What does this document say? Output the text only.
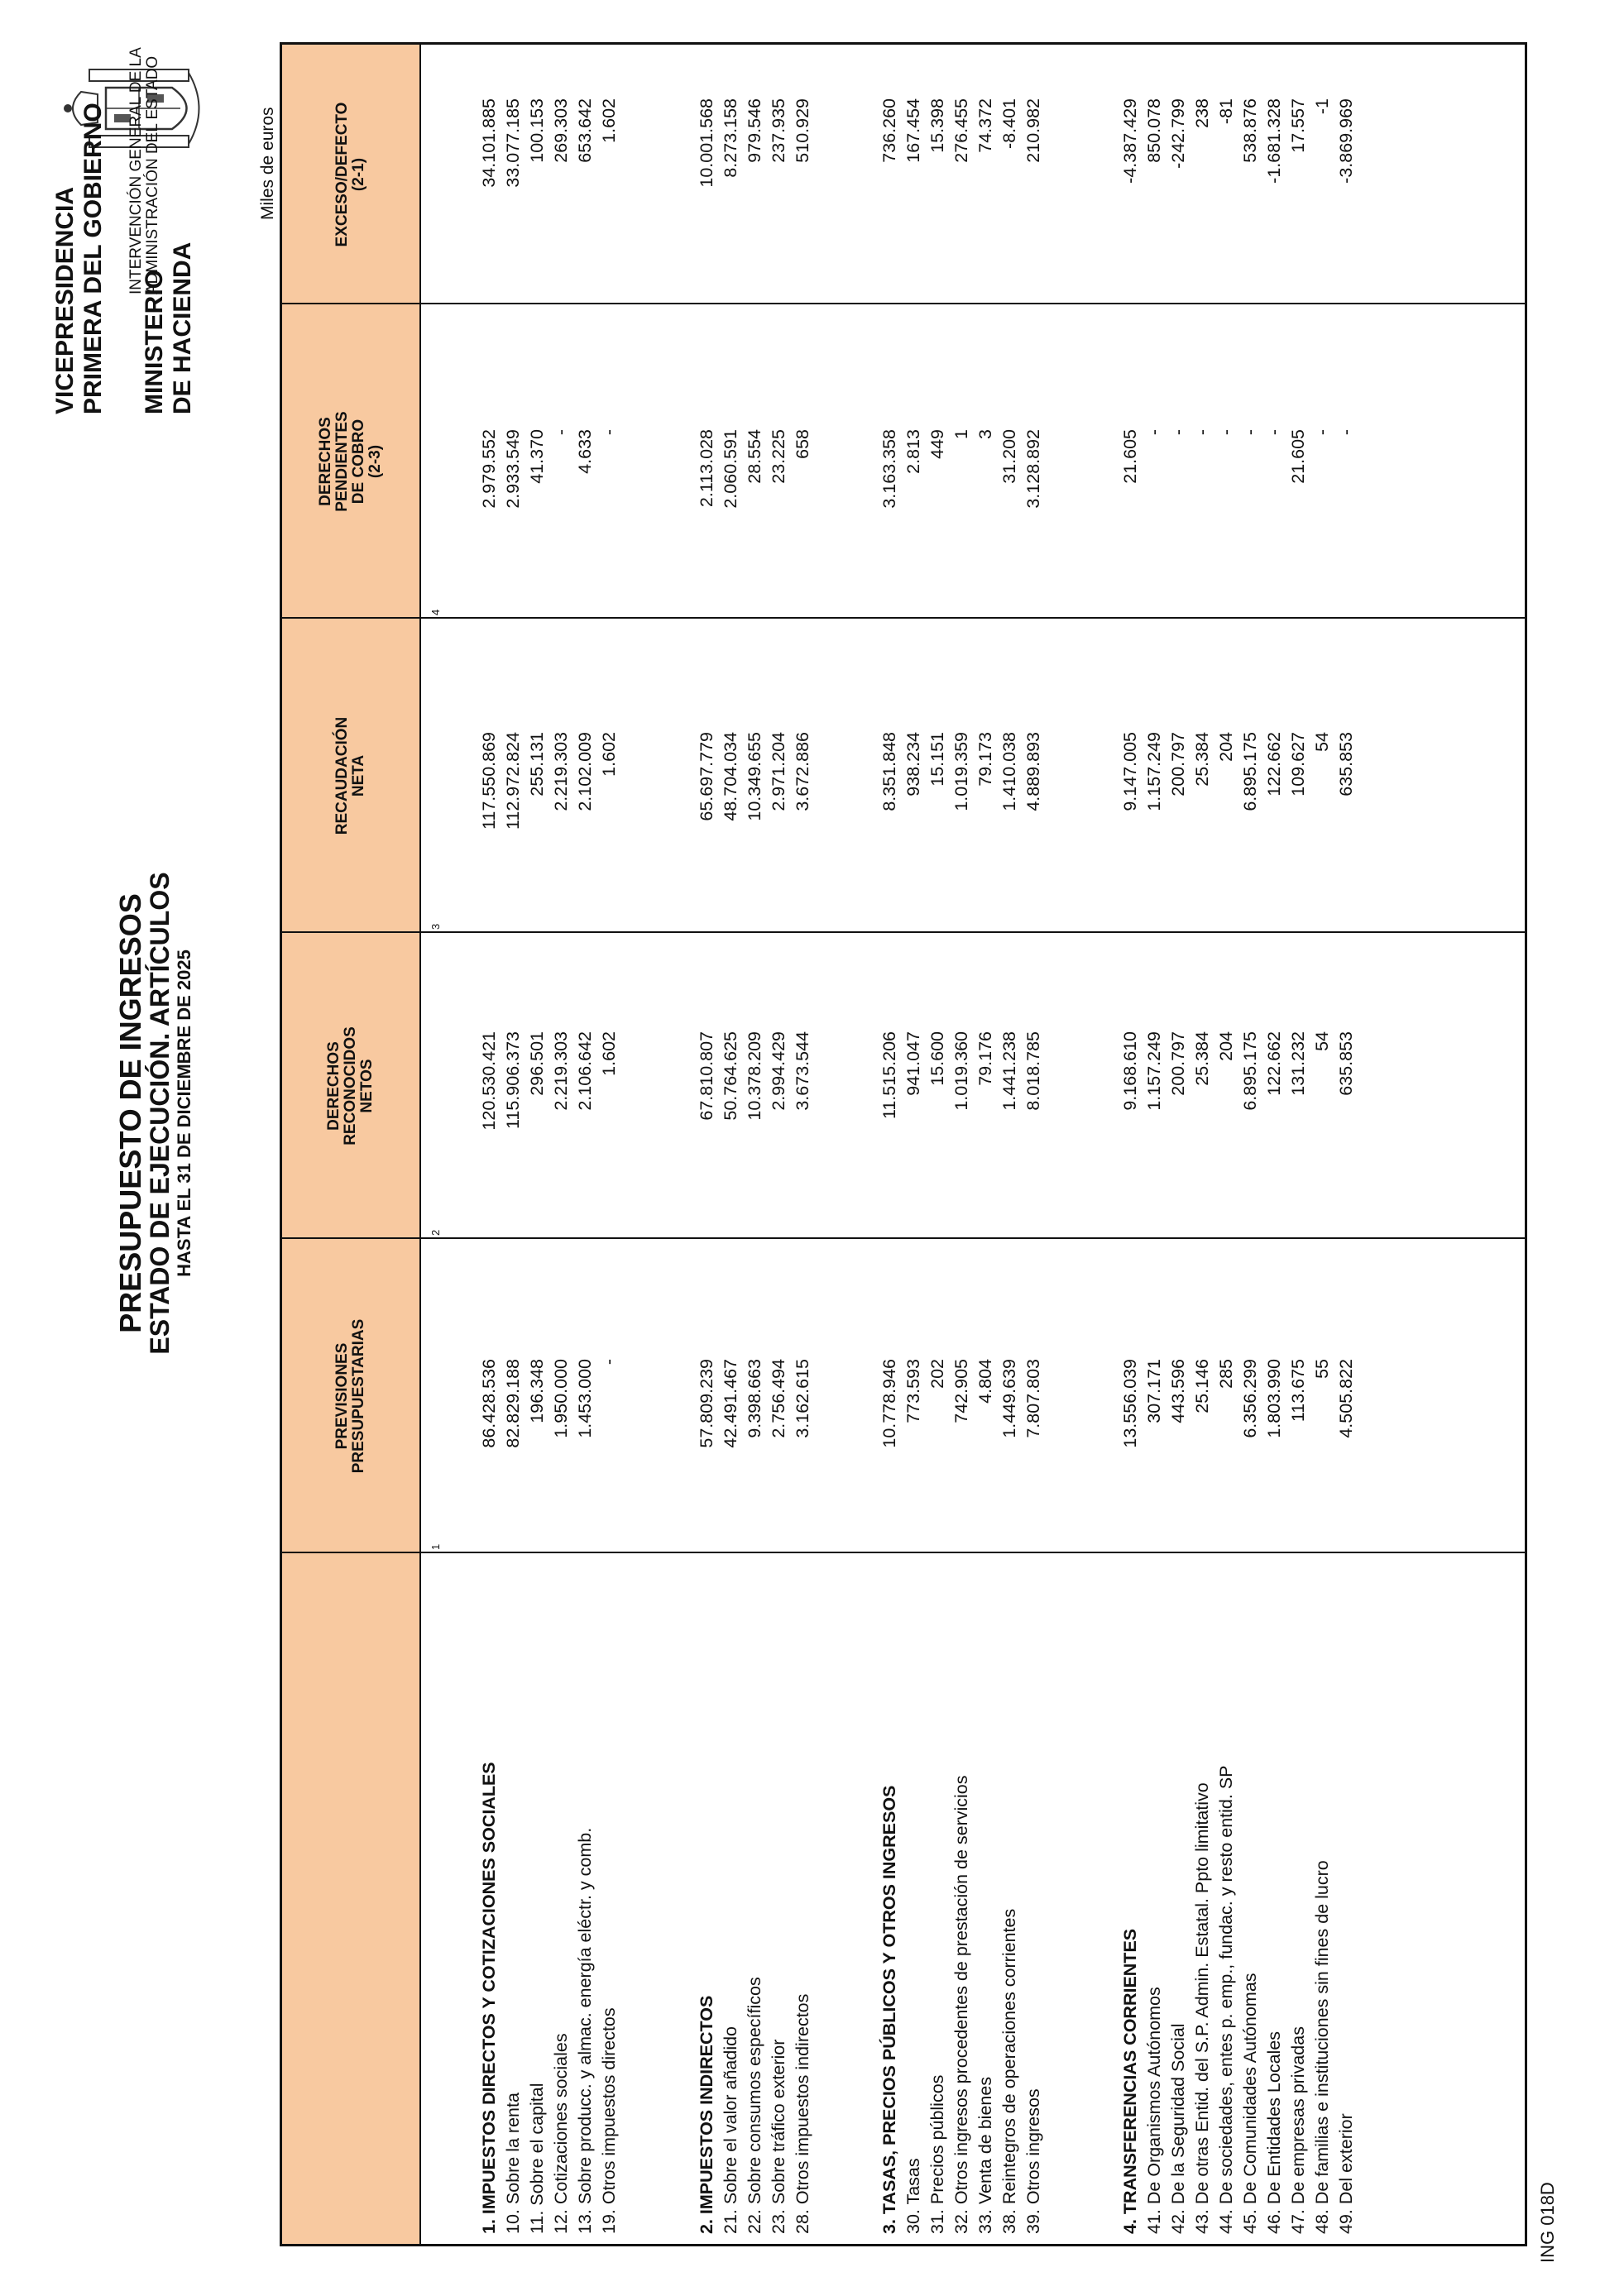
VICEPRESIDENCIA PRIMERA DEL GOBIERNO MINISTERIO DE HACIENDA
PRESUPUESTO DE INGRESOS
ESTADO DE EJECUCIÓN. ARTÍCULOS HASTA EL 31 DE DICIEMBRE DE 2025
INTERVENCIÓN GENERAL DE LA ADMINISTRACIÓN DEL ESTADO	Miles de euros
ING 018D
PREVISIONES PRESUPUESTARIAS
DERECHOS RECONOCIDOS NETOS
RECAUDACIÓN NETA
DERECHOS PENDIENTES DE COBRO (2-3)
EXCESO/DEFECTO (2-1)
1. IMPUESTOS DIRECTOS Y COTIZACIONES SOCIALES
86.428.536
120.530.421
117.550.869
2.979.552
34.101.885
10. Sobre la renta
82.829.188
115.906.373
112.972.824
2.933.549
33.077.185
11. Sobre el capital
196.348
296.501
255.131
41.370
100.153
12. Cotizaciones sociales
1.950.000
2.219.303
2.219.303
-
269.303
13. Sobre producc. y almac. energía eléctr. y comb.
1.453.000
2.106.642
2.102.009
4.633
653.642
19. Otros impuestos directos
-
1.602
1.602
-
1.602
2. IMPUESTOS INDIRECTOS
57.809.239
67.810.807
65.697.779
2.113.028
10.001.568
21. Sobre el valor añadido
42.491.467
50.764.625
48.704.034
2.060.591
8.273.158
22. Sobre consumos específicos
9.398.663
10.378.209
10.349.655
28.554
979.546
23. Sobre tráfico exterior
2.756.494
2.994.429
2.971.204
23.225
237.935
28. Otros impuestos indirectos
3.162.615
3.673.544
3.672.886
658
510.929
3. TASAS, PRECIOS PÚBLICOS Y OTROS INGRESOS
10.778.946
11.515.206
8.351.848
3.163.358
736.260
30. Tasas
773.593
941.047
938.234
2.813
167.454
31. Precios públicos
202
15.600
15.151
449
15.398
32. Otros ingresos procedentes de prestación de servicios
742.905
1.019.360
1.019.359
1
276.455
33. Venta de bienes
4.804
79.176
79.173
3
74.372
38. Reintegros de operaciones corrientes
1.449.639
1.441.238
1.410.038
31.200
-8.401
39. Otros ingresos
7.807.803
8.018.785
4.889.893
3.128.892
210.982
4. TRANSFERENCIAS CORRIENTES
13.556.039
9.168.610
9.147.005
21.605
-4.387.429
41. De Organismos Autónomos
307.171
1.157.249
1.157.249
-
850.078
42. De la Seguridad Social
443.596
200.797
200.797
-
-242.799
43. De otras Entid. del S.P. Admin. Estatal. Ppto limitativo
25.146
25.384
25.384
-
238
44. De sociedades, entes p. emp., fundac. y resto entid. SP
285
204
204
-
-81
45. De Comunidades Autónomas
6.356.299
6.895.175
6.895.175
-
538.876
46. De Entidades Locales
1.803.990
122.662
122.662
-
-1.681.328
47. De empresas privadas
113.675
131.232
109.627
21.605
17.557
48. De familias e instituciones sin fines de lucro
55
54
54
-
-1
49. Del exterior
4.505.822
635.853
635.853
-
-3.869.969
1
2
3
4
